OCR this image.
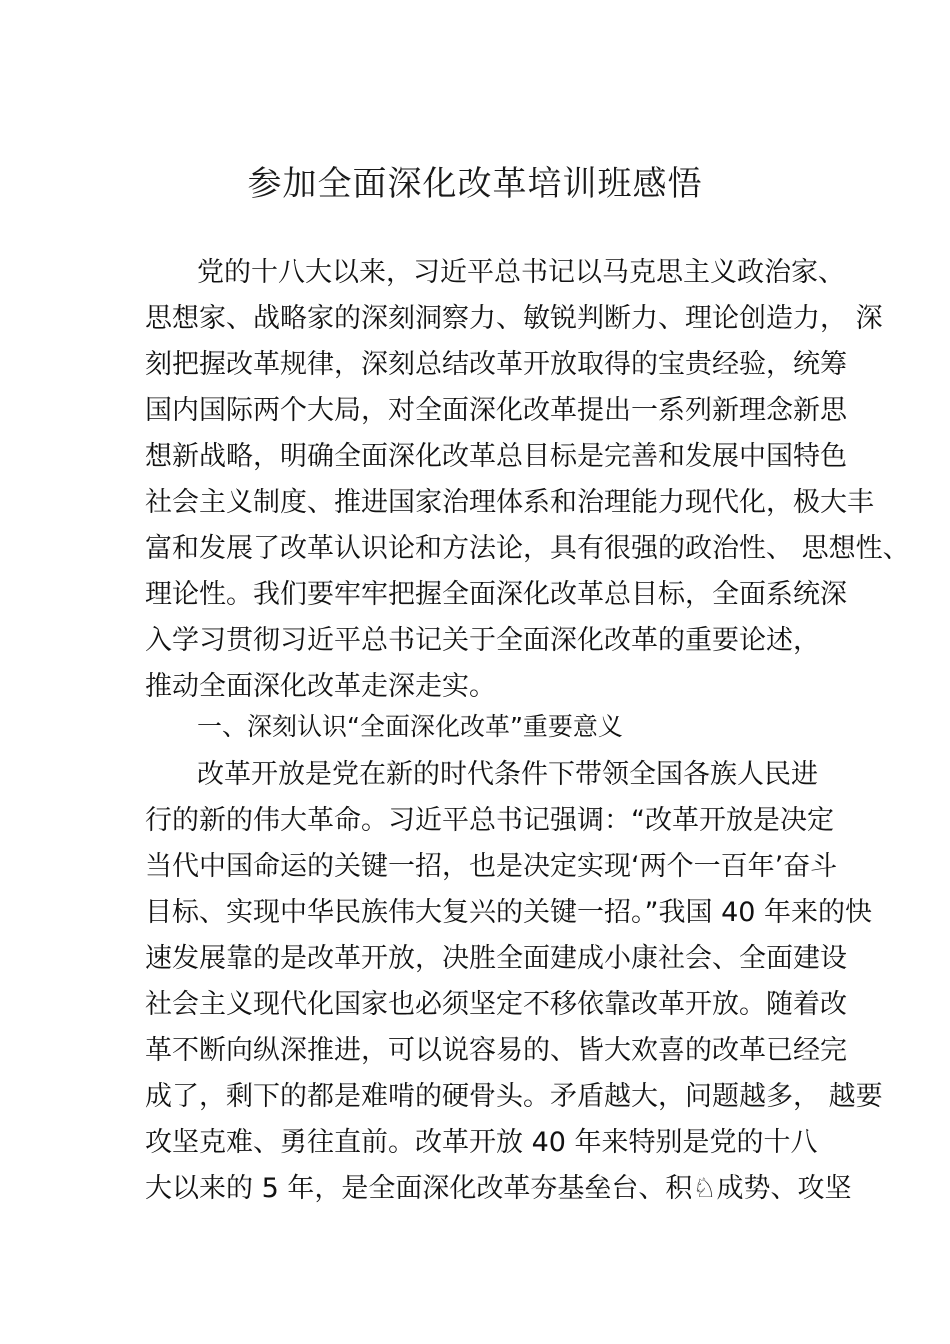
参加全面深化改革培训班感悟
党的十八大以来，习近平总书记以马克思主义政治家、
思想家、战略家的深刻洞察力、敏锐判断力、理论创造力， 深
刻把握改革规律，深刻总结改革开放取得的宝贵经验，统筹
国内国际两个大局，对全面深化改革提出一系列新理念新思
想新战略，明确全面深化改革总目标是完善和发展中国特色
社会主义制度、推进国家治理体系和治理能力现代化，极大丰
富和发展了改革认识论和方法论，具有很强的政治性、 思想性、
理论性。我们要牢牢把握全面深化改革总目标，全面系统深
入学习贯彻习近平总书记关于全面深化改革的重要论述，
推动全面深化改革走深走实。
一、深刻认识“全面深化改革”重要意义
改革开放是党在新的时代条件下带领全国各族人民进
行的新的伟大革命。习近平总书记强调：“改革开放是决定
当代中国命运的关键一招，也是决定实现‘两个一百年’奋斗
目标、实现中华民族伟大复兴的关键一招。”我国 40 年来的快
速发展靠的是改革开放，决胜全面建成小康社会、全面建设
社会主义现代化国家也必须坚定不移依靠改革开放。随着改
革不断向纵深推进，可以说容易的、皆大欢喜的改革已经完
成了，剩下的都是难啃的硬骨头。矛盾越大，问题越多， 越要
攻坚克难、勇往直前。改革开放 40 年来特别是党的十八
大以来的 5 年，是全面深化改革夯基垒台、积♘成势、攻坚
